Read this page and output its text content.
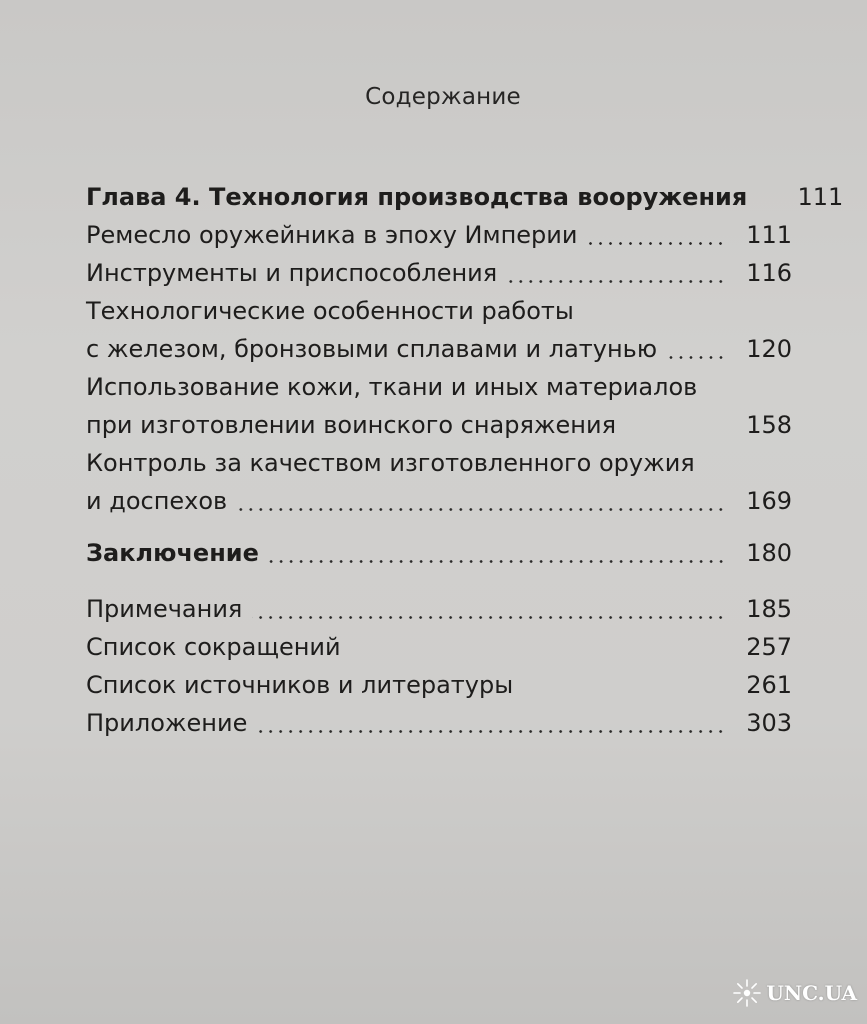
Содержание
Глава 4. Технология производства вооружения	111
Ремесло оружейника в эпоху Империи	111
Инструменты и приспособления	116
Технологические особенности работы
с железом, бронзовыми сплавами и латунью	120
Использование кожи, ткани и иных материалов
при изготовлении воинского снаряжения	158
Контроль за качеством изготовленного оружия
и доспехов	169
Заключение	180
Примечания	185
Список сокращений	257
Список источников и литературы	261
Приложение	303
UNC.UA
